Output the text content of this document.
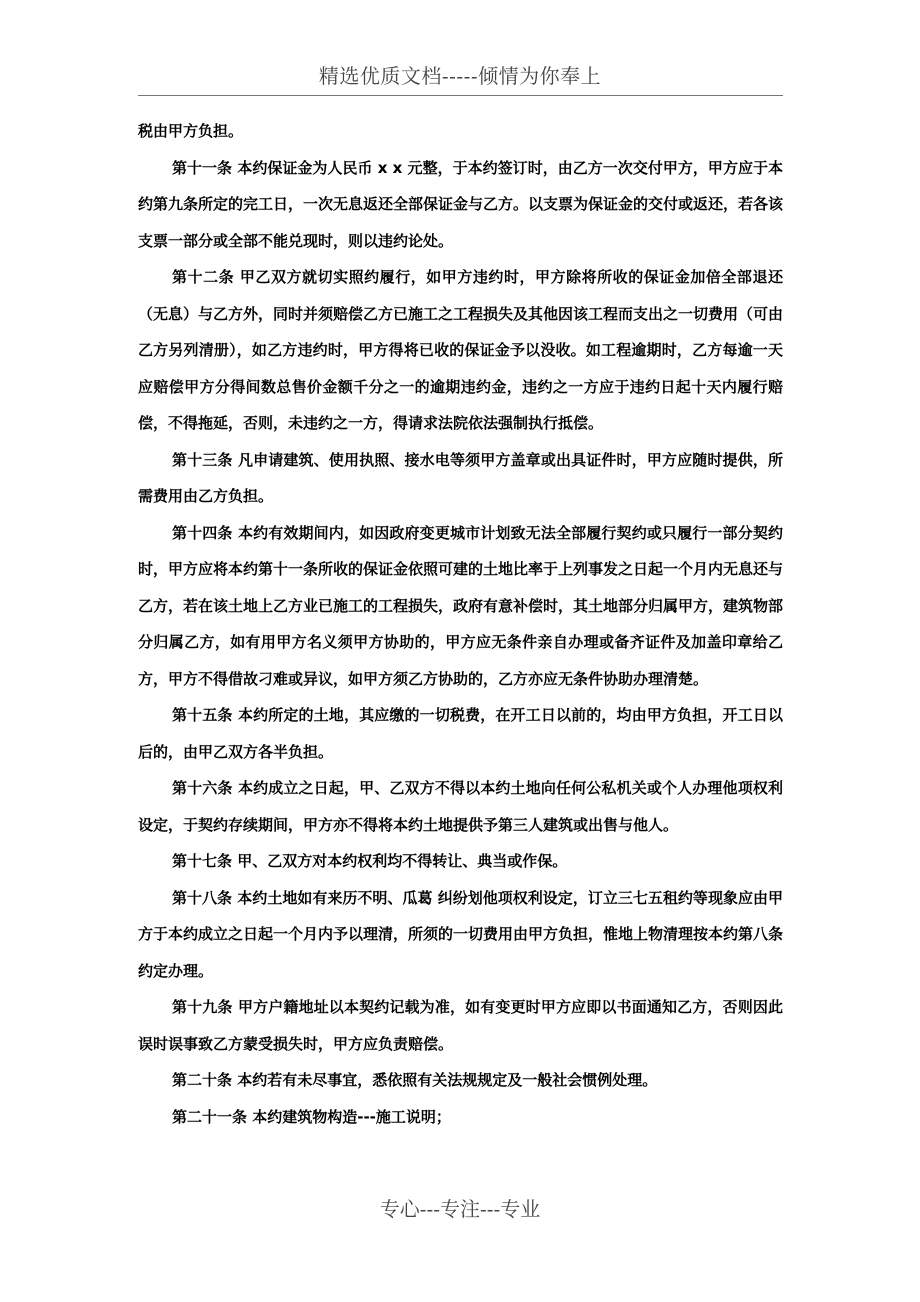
精选优质文档-----倾情为你奉上

税由甲方负担。

第十一条 本约保证金为人民币 x x 元整，于本约签订时，由乙方一次交付甲方，甲方应于本约第九条所定的完工日，一次无息返还全部保证金与乙方。以支票为保证金的交付或返还，若各该支票一部分或全部不能兑现时，则以违约论处。

第十二条 甲乙双方就切实照约履行，如甲方违约时，甲方除将所收的保证金加倍全部退还（无息）与乙方外，同时并须赔偿乙方已施工之工程损失及其他因该工程而支出之一切费用（可由乙方另列清册），如乙方违约时，甲方得将已收的保证金予以没收。如工程逾期时，乙方每逾一天应赔偿甲方分得间数总售价金额千分之一的逾期违约金，违约之一方应于违约日起十天内履行赔偿，不得拖延，否则，未违约之一方，得请求法院依法强制执行抵偿。

第十三条 凡申请建筑、使用执照、接水电等须甲方盖章或出具证件时，甲方应随时提供，所需费用由乙方负担。

第十四条 本约有效期间内，如因政府变更城市计划致无法全部履行契约或只履行一部分契约时，甲方应将本约第十一条所收的保证金依照可建的土地比率于上列事发之日起一个月内无息还与乙方，若在该土地上乙方业已施工的工程损失，政府有意补偿时，其土地部分归属甲方，建筑物部分归属乙方，如有用甲方名义须甲方协助的，甲方应无条件亲自办理或备齐证件及加盖印章给乙方，甲方不得借故刁难或异议，如甲方须乙方协助的，乙方亦应无条件协助办理清楚。

第十五条 本约所定的土地，其应缴的一切税费，在开工日以前的，均由甲方负担，开工日以后的，由甲乙双方各半负担。

第十六条 本约成立之日起，甲、乙双方不得以本约土地向任何公私机关或个人办理他项权利设定，于契约存续期间，甲方亦不得将本约土地提供予第三人建筑或出售与他人。

第十七条 甲、乙双方对本约权利均不得转让、典当或作保。

第十八条 本约土地如有来历不明、瓜葛 纠纷划他项权利设定，订立三七五租约等现象应由甲方于本约成立之日起一个月内予以理清，所须的一切费用由甲方负担，惟地上物清理按本约第八条约定办理。

第十九条 甲方户籍地址以本契约记载为准，如有变更时甲方应即以书面通知乙方，否则因此误时误事致乙方蒙受损失时，甲方应负责赔偿。

第二十条 本约若有未尽事宜，悉依照有关法规规定及一般社会惯例处理。

第二十一条 本约建筑物构造---施工说明；

专心---专注---专业
